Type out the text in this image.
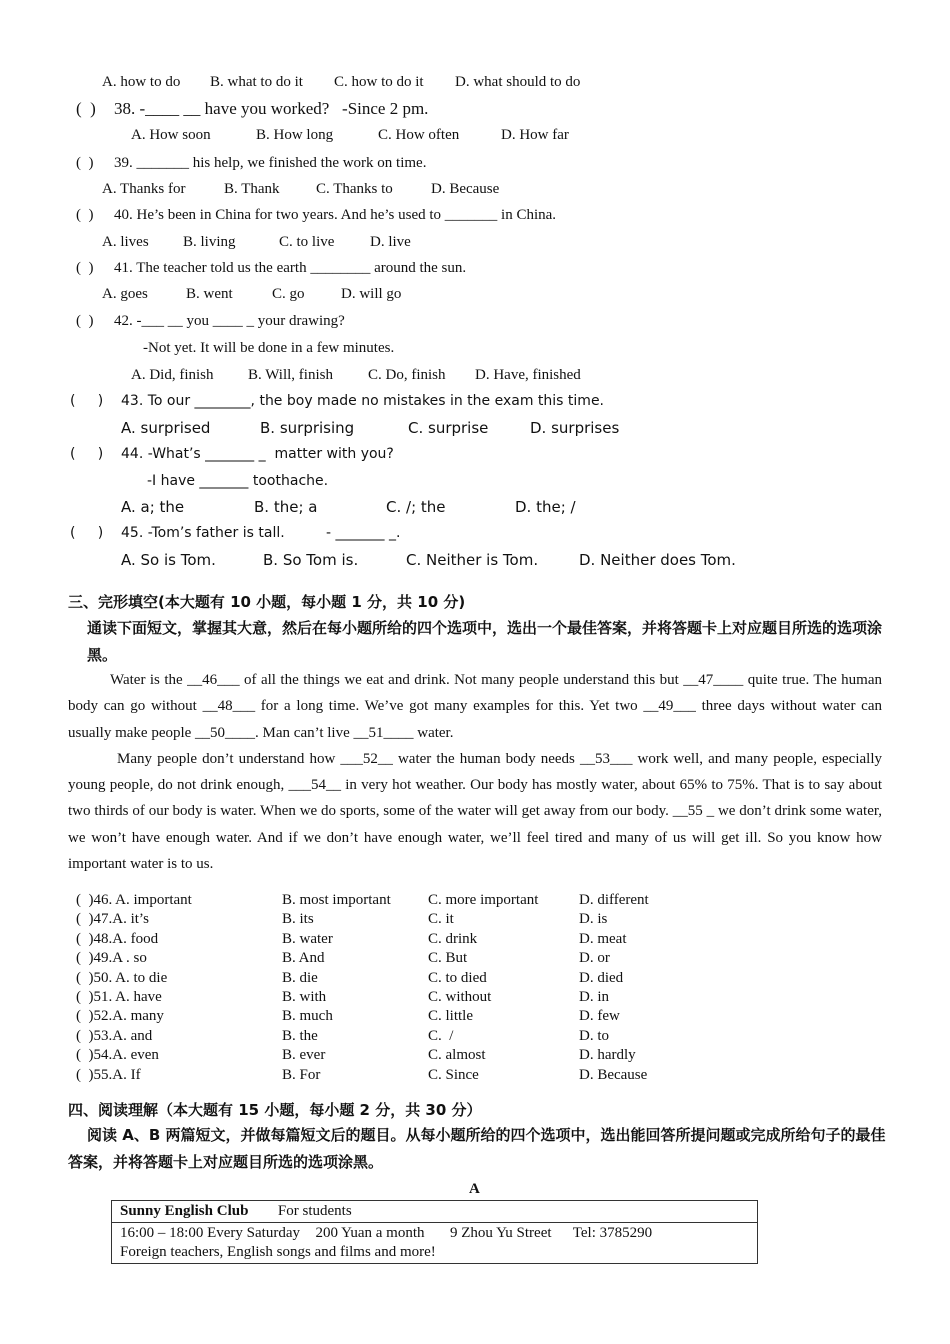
A. how to do B. what to do it C. how to do it D. what should to do
(  ) 38. -____ __ have you worked?   -Since 2 pm.
A. How soon	B. How long	C. How often	D. How far
(  ) 39. _______ his help, we finished the work on time.
A. Thanks for	B. Thank C. Thanks to	D. Because
(  ) 40. He’s been in China for two years. And he’s used to _______ in China.
A. lives B. living	C. to live D. live
(  ) 41. The teacher told us the earth ________ around the sun.
A. goes	B. went	C. go D. will go
(  ) 42. -___ __ you ____ _ your drawing?
-Not yet. It will be done in a few minutes.
A. Did, finish B. Will, finish C. Do, finish D. Have, finished
(     ) 43. To our ________, the boy made no mistakes in the exam this time.
A. surprised	B. surprising	C. surprise	D. surprises
(     ) 44. -What’s _______ _  matter with you?
-I have _______ toothache.
A. a; the	B. the; a	C. /; the	D. the; /
(     ) 45. -Tom’s father is tall.	- _______ _.
A. So is Tom.	B. So Tom is.	C. Neither is Tom.	D. Neither does Tom.
三、完形填空(本大题有 10 小题，每小题 1 分，共 10 分)
通读下面短文，掌握其大意，然后在每小题所给的四个选项中，选出一个最佳答案，并将答题卡上对应题目所选的选项涂黑。

Water is the __46___ of all the things we eat and drink. Not many people understand this but __47____ quite true. The human body can go without __48___ for a long time. We’ve got many examples for this. Yet two __49___ three days without water can usually make people __50____. Man can’t live __51____ water.

Many people don’t understand how ___52__ water the human body needs __53___ work well, and many people, especially young people, do not drink enough, ___54__ in very hot weather. Our body has mostly water, about 65% to 75%. That is to say about two thirds of our body is water. When we do sports, some of the water will get away from our body. __55 _ we don’t drink some water, we won’t have enough water. And if we don’t have enough water, we’ll feel tired and many of us will get ill. So you know how important water is to us.

(  )46. A. important	B. most important C. more important	D. different
(  )47.A. it’s	B. its	C. it	D. is
(  )48.A. food	B. water	C. drink	D. meat
(  )49.A . so	B. And	C. But	D. or
(  )50. A. to die	B. die	C. to died	D. died
(  )51. A. have	B. with	C. without	D. in
(  )52.A. many	B. much	C. little	D. few
(  )53.A. and	B. the	C.  /	D. to
(  )54.A. even	B. ever	C. almost	D. hardly
(  )55.A. If	B. For	C. Since	D. Because
四、阅读理解（本大题有 15 小题，每小题 2 分，共 30 分）
阅读 A、B 两篇短文，并做每篇短文后的题目。从每小题所给的四个选项中，选出能回答所提问题或完成所给句子的最佳答案，并将答题卡上对应题目所选的选项涂黑。
A
Sunny English Club For students
16:00 – 18:00 Every Saturday 200 Yuan a month 9 Zhou Yu Street Tel: 3785290
Foreign teachers, English songs and films and more!
